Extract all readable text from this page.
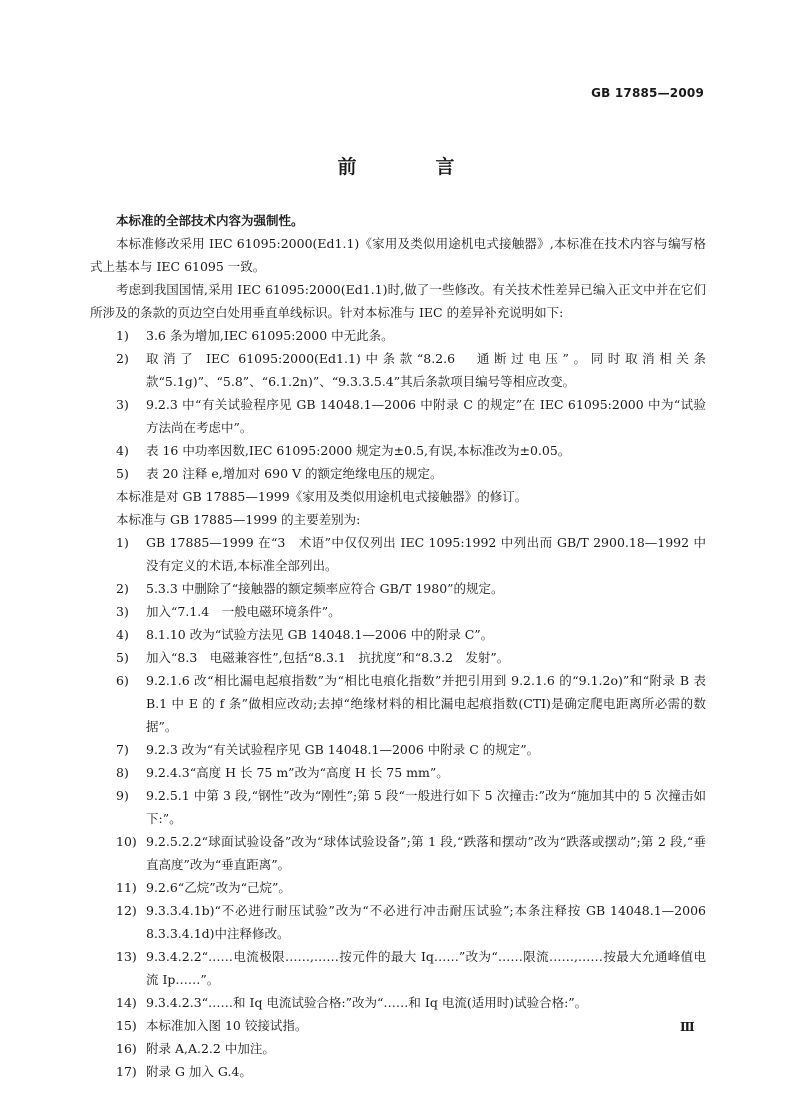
GB 17885—2009
前　言

本标准的全部技术内容为强制性。

本标准修改采用 IEC 61095:2000(Ed1.1)《家用及类似用途机电式接触器》,本标准在技术内容与编写格式上基本与 IEC 61095 一致。

考虑到我国国情,采用 IEC 61095:2000(Ed1.1)时,做了一些修改。有关技术性差异已编入正文中并在它们所涉及的条款的页边空白处用垂直单线标识。针对本标准与 IEC 的差异补充说明如下:

1) 3.6 条为增加,IEC 61095:2000 中无此条。
2) 取消了 IEC 61095:2000(Ed1.1)中条款“8.2.6　通断过电压”。同时取消相关条款“5.1g)”、“5.8”、“6.1.2n)”、“9.3.3.5.4”其后条款项目编号等相应改变。
3) 9.2.3 中“有关试验程序见 GB 14048.1—2006 中附录 C 的规定”在 IEC 61095:2000 中为“试验方法尚在考虑中”。
4) 表 16 中功率因数,IEC 61095:2000 规定为±0.5,有误,本标准改为±0.05。
5) 表 20 注释 e,增加对 690 V 的额定绝缘电压的规定。

本标准是对 GB 17885—1999《家用及类似用途机电式接触器》的修订。

本标准与 GB 17885—1999 的主要差别为:

1) GB 17885—1999 在“3　术语”中仅仅列出 IEC 1095:1992 中列出而 GB/T 2900.18—1992 中没有定义的术语,本标准全部列出。
2) 5.3.3 中删除了“接触器的额定频率应符合 GB/T 1980”的规定。
3) 加入“7.1.4　一般电磁环境条件”。
4) 8.1.10 改为“试验方法见 GB 14048.1—2006 中的附录 C”。
5) 加入“8.3　电磁兼容性”,包括“8.3.1　抗扰度”和“8.3.2　发射”。
6) 9.2.1.6 改“相比漏电起痕指数”为“相比电痕化指数”并把引用到 9.2.1.6 的“9.1.2o)”和“附录 B 表 B.1 中 E 的 f 条”做相应改动;去掉“绝缘材料的相比漏电起痕指数(CTI)是确定爬电距离所必需的数据”。
7) 9.2.3 改为“有关试验程序见 GB 14048.1—2006 中附录 C 的规定”。
8) 9.2.4.3“高度 H 长 75 m”改为“高度 H 长 75 mm”。
9) 9.2.5.1 中第 3 段,“钢性”改为“刚性”;第 5 段“一般进行如下 5 次撞击:”改为“施加其中的 5 次撞击如下:”。
10) 9.2.5.2.2“球面试验设备”改为“球体试验设备”;第 1 段,“跌落和摆动”改为“跌落或摆动”;第 2 段,“垂直高度”改为“垂直距离”。
11) 9.2.6“乙烷”改为“己烷”。
12) 9.3.3.4.1b)“不必进行耐压试验”改为“不必进行冲击耐压试验”;本条注释按 GB 14048.1—2006 8.3.3.4.1d)中注释修改。
13) 9.3.4.2.2“……电流极限……,……按元件的最大 Iq……”改为“……限流……,……按最大允通峰值电流 Ip……”。
14) 9.3.4.2.3“……和 Iq 电流试验合格:”改为“……和 Iq 电流(适用时)试验合格:”。
15) 本标准加入图 10 铰接试指。
16) 附录 A,A.2.2 中加注。
17) 附录 G 加入 G.4。
Ⅲ
